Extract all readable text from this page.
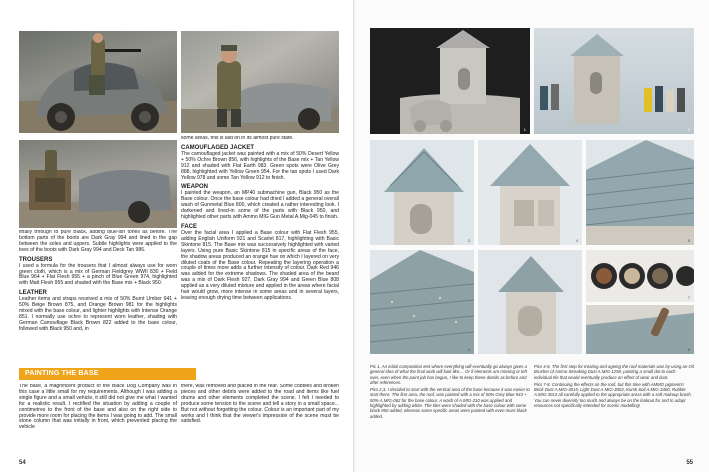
finally through to pure Black, adding blue-ish tones as before. The bottom parts of the boots are Dark Gray 994 and lined in the gap between the soles and uppers. Subtle highlights were applied to the toes of the boots with Dark Gray 994 and Deck Tan 986.

TROUSERS

I used a formula for the trousers that I almost always use for worn green cloth, which is a mix of German Fieldgrey WWII 830 + Field Blue 964 + Flat Flesh 955 + a pinch of Blue Green 974, highlighted with Matt Flesh 955 and shaded with the Base mix + Black 950.

LEATHER

Leather items and straps received a mix of 50% Burnt Umber 941 + 50% Beige Brown 875, and Orange Brown 981 for the highlights mixed with the base colour, and lighter highlights with Intense Orange 851. I normally use ochre to represent worn leather, shading with German Camouflage Black Brown 822 added to the base colour, followed with Black 950 and, in

some areas, this is laid on in its almost pure state.

CAMOUFLAGED JACKET

The camouflaged jacket was painted with a mix of 50% Desert Yellow + 50% Ochre Brown 856, with highlights of the Base mix + Tan Yellow 912 and shaded with Flat Earth 983. Green spots were Olive Grey 888, highlighted with Yellow Green 954. For the tan spots I used Dark Yellow 978 and some Tan Yellow 912 to finish.

WEAPON

I painted the weapon, an MP40 submachine gun, Black 950 as the Base colour. Once the base colour had dried I added a general overall wash of Gunmetal Blue 800, which created a rather interesting look. I darkened and lined-in some of the parts with Black 950, and highlighted other parts with Ammo MIG Gun Metal A.Mig-045 to finish.

FACE

Over the facial area I applied a Base colour with Flat Flesh 955, adding English Uniform 921 and Scarlet 817, highlighting with Basic Skintone 815. The Base mix was successively highlighted with varied layers. Using pure Basic Skintone 815 in specific areas of the face, the shadow areas produced an orange hue on which I layered on very diluted coats of the Base colour. Repeating the layering operation a couple of times more adds a further intensity of colour. Dark Red 946 was added for the extreme shadows. The shaded area of the beard was a mix of Dark Flesh 927, Dark Gray 994 and Green Blue 808 applied as a very diluted mixture and applied in the areas where facial hair would grow, more intense in some areas and in several layers, leaving enough drying time between applications.

PAINTING THE BASE

The base, a magnificent product of the Black Dog Company was in this case a little small for my requirements. Although I was adding a single figure and a small vehicle, it still did not give me what I wanted for a realistic result. I rectified the situation by adding a couple of centimetres to the front of the base and also on the right side to provide more room for placing the items I was going to add. The small stone column that was initially in front, which prevented placing the vehicle

there, was removed and placed in the rear. Some cobbles and broken pieces and other debris were added to the road and items like fuel drums and other elements completed the scene. I felt I needed to produce some tension to the scene and tell a story in a small space... But not without forgetting the colour. Colour is an important part of my works and I think that the viewer's impression of the scene must be satisfied.

54
1	2
3	4	5
6
7
8

Pic 1. An initial composition test where everything will eventually go always gives a general idea of what the final work will look like.... Or if elements are missing or left over, even when the paint job has begun, I like to keep these details as before and after references.

Pics 2,3. I decided to start with the vertical area of the base because it was easier to start there. The first area, the roof, was painted with a mix of 50% Grey Blue 943 + 50% A.MIG-062 for the base colour. A wash of A.MIG-210 was applied and highlighted by adding white. The tiles were shaded with the base colour with some black 950 added, whereas some specific areas were painted with even more black added.

Pics 4-6. The first step for treating and ageing the roof materials was by using an Oil Brusher of Ammo Streaking Dust A.MIG-1258, painting a small dot to each individual tile that would eventually produce an effect of wear and dust.

Pics 7-8. Continuing the effects on the roof, but this time with AMMO pigments! Brick Dust A.MIG-3015, Light Dust A.MIG-3002, Kursk Soil A.MIG-3400, Rubble A.MIG-3013 all carefully applied to the appropriate areas with a soft makeup brush. You can never diversify too much and always be on the lookout for and to adapt resources not specifically intended for scenic modelling!

55
